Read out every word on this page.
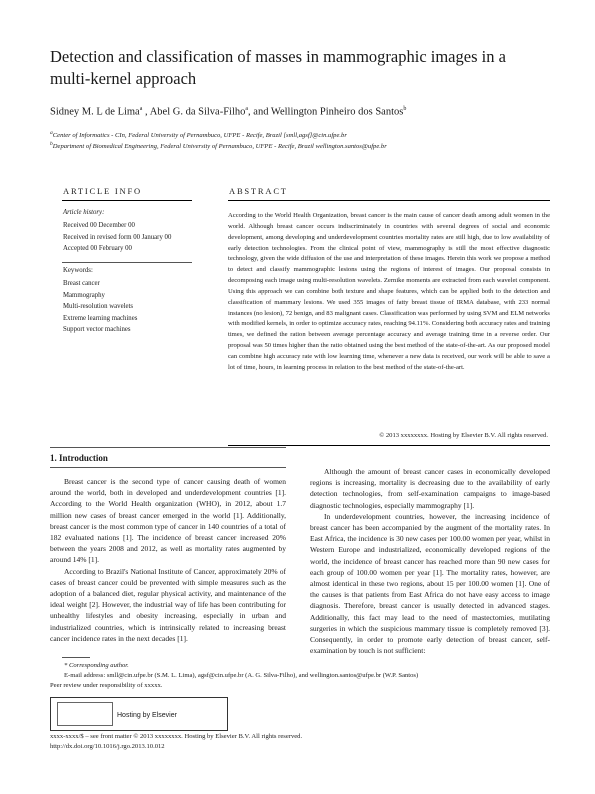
Detection and classification of masses in mammographic images in a multi-kernel approach
Sidney M. L de Lima$^a$ , Abel G. da Silva-Filho$^a$, and Wellington Pinheiro dos Santos$^b$
$^a$Center of Informatics - CIn, Federal University of Pernambuco, UFPE - Recife, Brazil [smll,agsf]@cin.ufpe.br
$^b$Department of Biomedical Engineering, Federal University of Pernambuco, UFPE - Recife, Brazil wellington.santos@ufpe.br
ARTICLE INFO
Article history:
Received 00 December 00
Received in revised form 00 January 00
Accepted 00 February 00
Keywords:
Breast cancer
Mammography
Multi-resolution wavelets
Extreme learning machines
Support vector machines
ABSTRACT
According to the World Health Organization, breast cancer is the main cause of cancer death among adult women in the world. Although breast cancer occurs indiscriminately in countries with several degrees of social and economic development, among developing and underdevelopment countries mortality rates are still high, due to low availability of early detection technologies. From the clinical point of view, mammography is still the most effective diagnostic technology, given the wide diffusion of the use and interpretation of these images. Herein this work we propose a method to detect and classify mammographic lesions using the regions of interest of images. Our proposal consists in decomposing each image using multi-resolution wavelets. Zernike moments are extracted from each wavelet component. Using this approach we can combine both texture and shape features, which can be applied both to the detection and classification of mammary lesions. We used 355 images of fatty breast tissue of IRMA database, with 233 normal instances (no lesion), 72 benign, and 83 malignant cases. Classification was performed by using SVM and ELM networks with modified kernels, in order to optimize accuracy rates, reaching 94.11%. Considering both accuracy rates and training times, we defined the ration between average percentage accuracy and average training time in a reverse order. Our proposal was 50 times higher than the ratio obtained using the best method of the state-of-the-art. As our proposed model can combine high accuracy rate with low learning time, whenever a new data is received, our work will be able to save a lot of time, hours, in learning process in relation to the best method of the state-of-the-art.
© 2013 xxxxxxxx. Hosting by Elsevier B.V. All rights reserved.
1. Introduction

Breast cancer is the second type of cancer causing death of women around the world, both in developed and underdevelopment countries [1]. According to the World Health organization (WHO), in 2012, about 1.7 million new cases of breast cancer emerged in the world [1]. Additionally, breast cancer is the most common type of cancer in 140 countries of a total of 182 evaluated nations [1]. The incidence of breast cancer increased 20% between the years 2008 and 2012, as well as mortality rates augmented by around 14% [1].

According to Brazil's National Institute of Cancer, approximately 20% of cases of breast cancer could be prevented with simple measures such as the adoption of a balanced diet, regular physical activity, and maintenance of the ideal weight [2]. However, the industrial way of life has been contributing for unhealthy lifestyles and obesity increasing, especially in urban and industrialized countries, which is intrinsically related to increasing breast cancer incidence rates in the next decades [1].

Although the amount of breast cancer cases in economically developed regions is increasing, mortality is decreasing due to the availability of early detection technologies, from self-examination campaigns to image-based diagnostic technologies, especially mammography [1].

In underdevelopment countries, however, the increasing incidence of breast cancer has been accompanied by the augment of the mortality rates. In East Africa, the incidence is 30 new cases per 100.00 women per year, whilst in Western Europe and industrialized, economically developed regions of the world, the incidence of breast cancer has reached more than 90 new cases for each group of 100.00 women per year [1]. The mortality rates, however, are almost identical in these two regions, about 15 per 100.00 women [1]. One of the causes is that patients from East Africa do not have easy access to image diagnosis. Therefore, breast cancer is usually detected in advanced stages. Additionally, this fact may lead to the need of mastectomies, mutilating surgeries in which the suspicious mammary tissue is completely removed [3]. Consequently, in order to promote early detection of breast cancer, self-examination by touch is not sufficient:

* Corresponding author.
E-mail address: smll@cin.ufpe.br (S.M. L. Lima), agsf@cin.ufpe.br (A. G. Silva-Filho), and wellington.santos@ufpe.br (W.P. Santos)
Peer review under responsibility of xxxxx.
Hosting by Elsevier
xxxx-xxxx/$ – see front matter © 2013 xxxxxxxx. Hosting by Elsevier B.V. All rights reserved.
http://dx.doi.org/10.1016/j.rgo.2013.10.012
